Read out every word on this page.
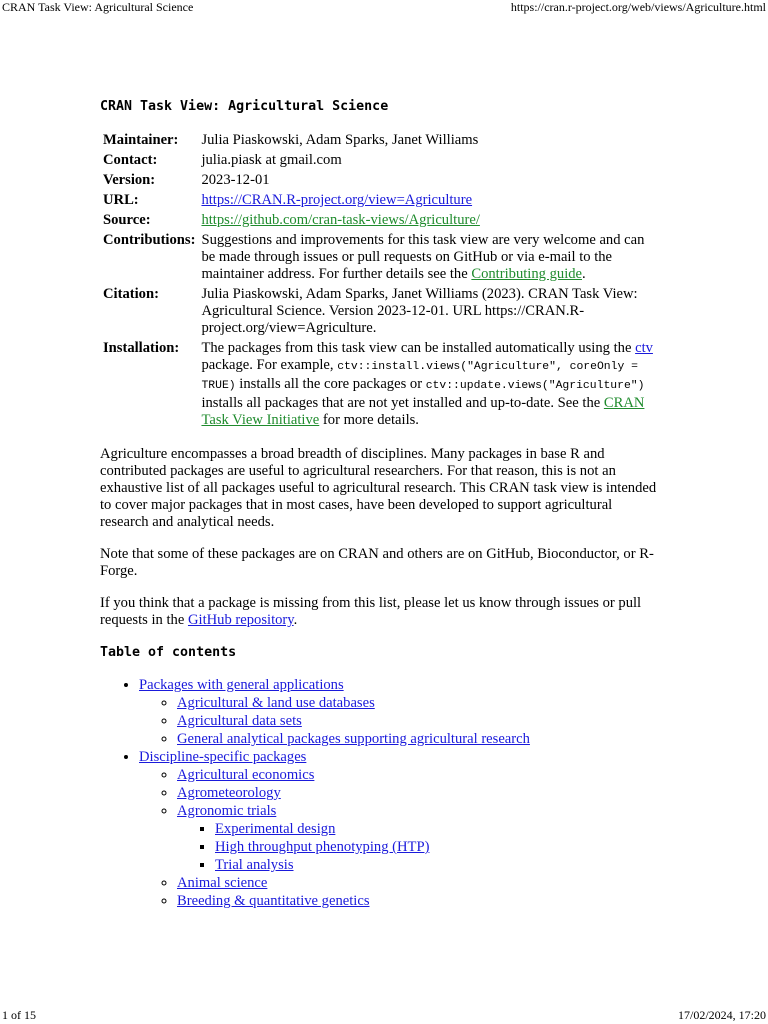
CRAN Task View: Agricultural Science	https://cran.r-project.org/web/views/Agriculture.html
CRAN Task View: Agricultural Science
Maintainer:	Julia Piaskowski, Adam Sparks, Janet Williams
Contact:	julia.piask at gmail.com
Version:	2023-12-01
URL:	https://CRAN.R-project.org/view=Agriculture
Source:	https://github.com/cran-task-views/Agriculture/
Contributions:	Suggestions and improvements for this task view are very welcome and can be made through issues or pull requests on GitHub or via e-mail to the maintainer address. For further details see the Contributing guide.
Citation:	Julia Piaskowski, Adam Sparks, Janet Williams (2023). CRAN Task View: Agricultural Science. Version 2023-12-01. URL https://CRAN.R-project.org/view=Agriculture.
Installation:	The packages from this task view can be installed automatically using the ctv package. For example, ctv::install.views("Agriculture", coreOnly = TRUE) installs all the core packages or ctv::update.views("Agriculture") installs all packages that are not yet installed and up-to-date. See the CRAN Task View Initiative for more details.

Agriculture encompasses a broad breadth of disciplines. Many packages in base R and contributed packages are useful to agricultural researchers. For that reason, this is not an exhaustive list of all packages useful to agricultural research. This CRAN task view is intended to cover major packages that in most cases, have been developed to support agricultural research and analytical needs.

Note that some of these packages are on CRAN and others are on GitHub, Bioconductor, or R-Forge.

If you think that a package is missing from this list, please let us know through issues or pull requests in the GitHub repository.

Table of contents
• Packages with general applications
◦ Agricultural & land use databases
◦ Agricultural data sets
◦ General analytical packages supporting agricultural research
• Discipline-specific packages
◦ Agricultural economics
◦ Agrometeorology
◦ Agronomic trials
▪ Experimental design
▪ High throughput phenotyping (HTP)
▪ Trial analysis
◦ Animal science
◦ Breeding & quantitative genetics
1 of 15	17/02/2024, 17:20
